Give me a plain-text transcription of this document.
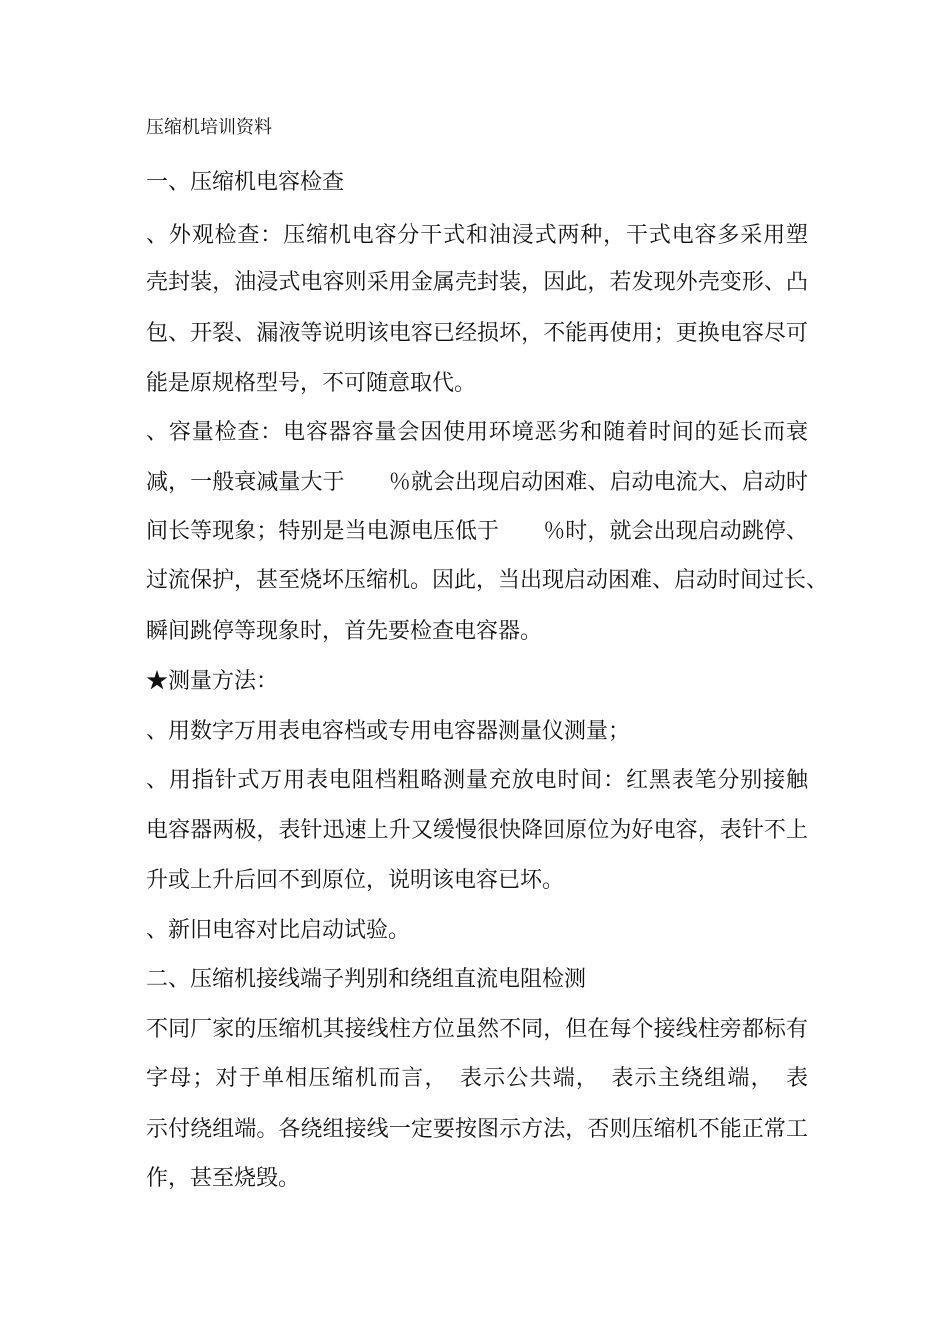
压缩机培训资料
一、压缩机电容检查
、外观检查：压缩机电容分干式和油浸式两种，干式电容多采用塑
壳封装，油浸式电容则采用金属壳封装，因此，若发现外壳变形、凸
包、开裂、漏液等说明该电容已经损坏，不能再使用；更换电容尽可
能是原规格型号，不可随意取代。
、容量检查：电容器容量会因使用环境恶劣和随着时间的延长而衰
减，一般衰减量大于　　％就会出现启动困难、启动电流大、启动时
间长等现象；特别是当电源电压低于　　％时，就会出现启动跳停、
过流保护，甚至烧坏压缩机。因此，当出现启动困难、启动时间过长、
瞬间跳停等现象时，首先要检查电容器。
★测量方法：
、用数字万用表电容档或专用电容器测量仪测量；
、用指针式万用表电阻档粗略测量充放电时间：红黑表笔分别接触
电容器两极，表针迅速上升又缓慢很快降回原位为好电容，表针不上
升或上升后回不到原位，说明该电容已坏。
、新旧电容对比启动试验。
二、压缩机接线端子判别和绕组直流电阻检测
不同厂家的压缩机其接线柱方位虽然不同，但在每个接线柱旁都标有
字母；对于单相压缩机而言，　表示公共端，　表示主绕组端，　表
示付绕组端。各绕组接线一定要按图示方法，否则压缩机不能正常工
作，甚至烧毁。
